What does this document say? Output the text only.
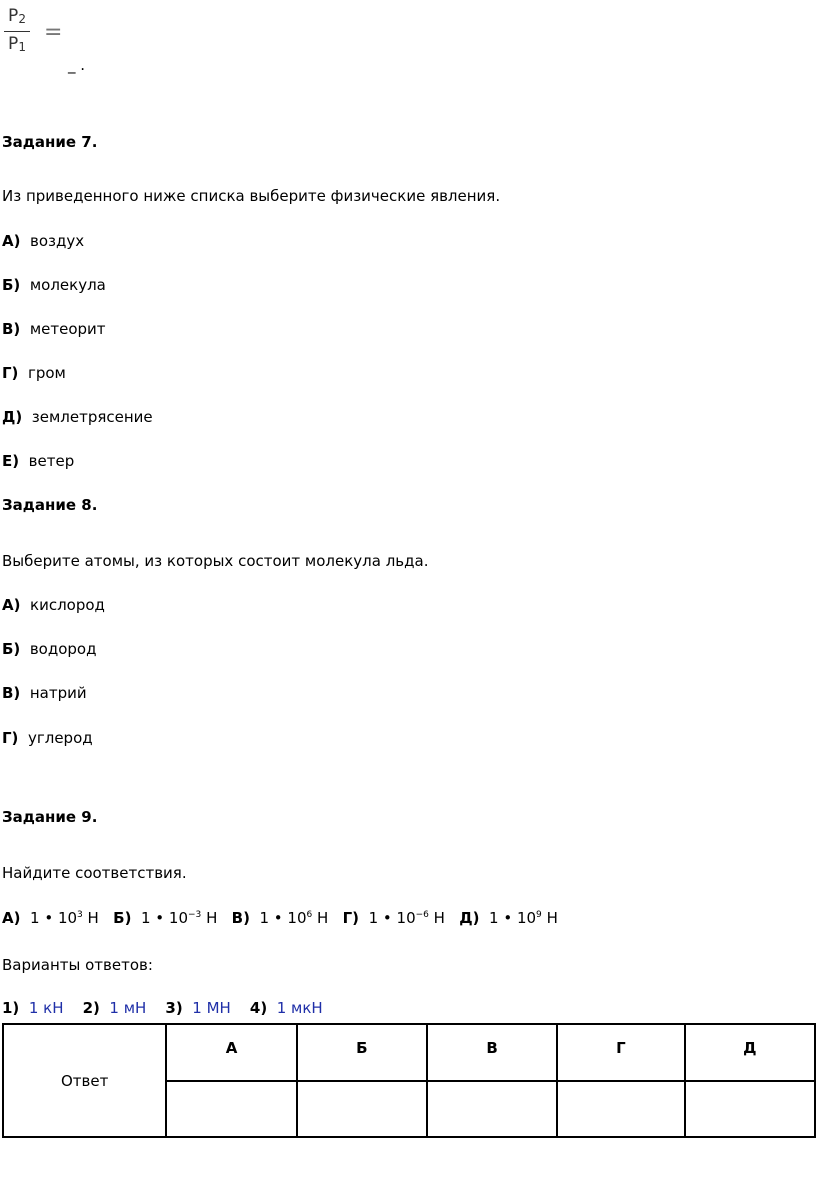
$P_2$
$P_1$
=
_ .
Задание 7.
Из приведенного ниже списка выберите физические явления.
А) воздух
Б) молекула
В) метеорит
Г) гром
Д) землетрясение
Е) ветер
Задание 8.
Выберите атомы, из которых состоит молекула льда.
А) кислород
Б) водород
В) натрий
Г) углерод
Задание 9.
Найдите соответствия.
А) 1 • $10^3$ Н Б) 1 • $10^{-3}$ Н В) 1 • $10^6$ Н Г) 1 • $10^{-6}$ Н Д) 1 • $10^9$ Н
Варианты ответов:
1) 1 кН 2) 1 мН 3) 1 МН 4) 1 мкН
Ответ	А	Б	В	Г	Д
